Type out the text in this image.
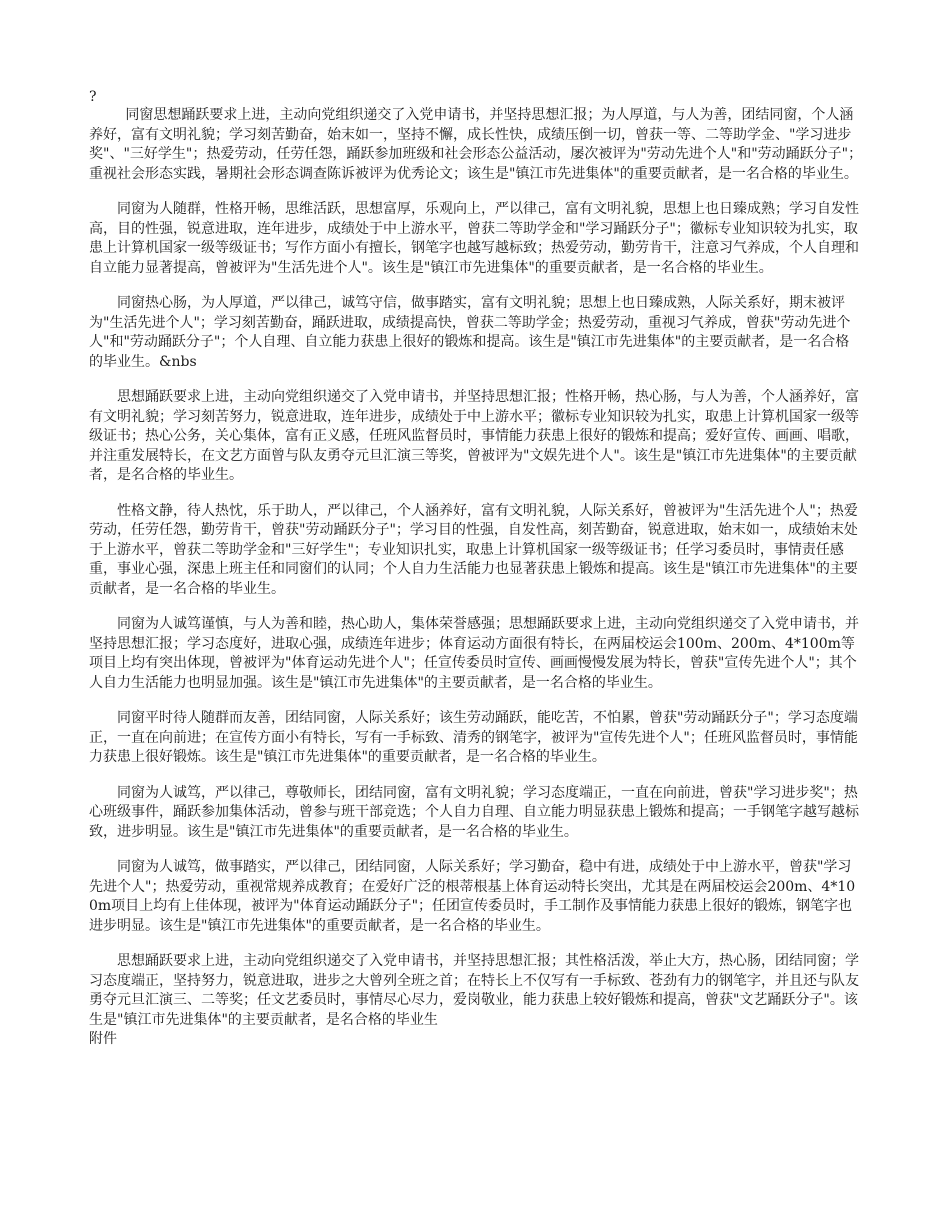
?

同窗思想踊跃要求上进，主动向党组织递交了入党申请书，并坚持思想汇报；为人厚道，与人为善，团结同窗，个人涵养好，富有文明礼貌；学习刻苦勤奋，始末如一，坚持不懈，成长性快，成绩压倒一切，曾获一等、二等助学金、"学习进步奖"、"三好学生"；热爱劳动，任劳任怨，踊跃参加班级和社会形态公益活动，屡次被评为"劳动先进个人"和"劳动踊跃分子"；重视社会形态实践，暑期社会形态调查陈诉被评为优秀论文；该生是"镇江市先进集体"的重要贡献者，是一名合格的毕业生。

同窗为人随群，性格开畅，思维活跃，思想富厚，乐观向上，严以律己，富有文明礼貌，思想上也日臻成熟；学习自发性高，目的性强，锐意进取，连年进步，成绩处于中上游水平，曾获二等助学金和"学习踊跃分子"；徽标专业知识较为扎实，取患上计算机国家一级等级证书；写作方面小有擅长，钢笔字也越写越标致；热爱劳动，勤劳肯干，注意习气养成，个人自理和自立能力显著提高，曾被评为"生活先进个人"。该生是"镇江市先进集体"的重要贡献者，是一名合格的毕业生。

同窗热心肠，为人厚道，严以律己，诚笃守信，做事踏实，富有文明礼貌；思想上也日臻成熟，人际关系好，期末被评为"生活先进个人"；学习刻苦勤奋，踊跃进取，成绩提高快，曾获二等助学金；热爱劳动，重视习气养成，曾获"劳动先进个人"和"劳动踊跃分子"；个人自理、自立能力获患上很好的锻炼和提高。该生是"镇江市先进集体"的主要贡献者，是一名合格的毕业生。&nbs

思想踊跃要求上进，主动向党组织递交了入党申请书，并坚持思想汇报；性格开畅，热心肠，与人为善，个人涵养好，富有文明礼貌；学习刻苦努力，锐意进取，连年进步，成绩处于中上游水平；徽标专业知识较为扎实，取患上计算机国家一级等级证书；热心公务，关心集体，富有正义感，任班风监督员时，事情能力获患上很好的锻炼和提高；爱好宣传、画画、唱歌，并注重发展特长，在文艺方面曾与队友勇夺元旦汇演三等奖，曾被评为"文娱先进个人"。该生是"镇江市先进集体"的主要贡献者，是名合格的毕业生。

性格文静，待人热忱，乐于助人，严以律己，个人涵养好，富有文明礼貌，人际关系好，曾被评为"生活先进个人"；热爱劳动，任劳任怨，勤劳肯干，曾获"劳动踊跃分子"；学习目的性强，自发性高，刻苦勤奋，锐意进取，始末如一，成绩始末处于上游水平，曾获二等助学金和"三好学生"；专业知识扎实，取患上计算机国家一级等级证书；任学习委员时，事情责任感重，事业心强，深患上班主任和同窗们的认同；个人自力生活能力也显著获患上锻炼和提高。该生是"镇江市先进集体"的主要贡献者，是一名合格的毕业生。

同窗为人诚笃谨慎，与人为善和睦，热心助人，集体荣誉感强；思想踊跃要求上进，主动向党组织递交了入党申请书，并坚持思想汇报；学习态度好，进取心强，成绩连年进步；体育运动方面很有特长，在两届校运会100m、200m、4*100m等项目上均有突出体现，曾被评为"体育运动先进个人"；任宣传委员时宣传、画画慢慢发展为特长，曾获"宣传先进个人"；其个人自力生活能力也明显加强。该生是"镇江市先进集体"的主要贡献者，是一名合格的毕业生。

同窗平时待人随群而友善，团结同窗，人际关系好；该生劳动踊跃，能吃苦，不怕累，曾获"劳动踊跃分子"；学习态度端正，一直在向前进；在宣传方面小有特长，写有一手标致、清秀的钢笔字，被评为"宣传先进个人"；任班风监督员时，事情能力获患上很好锻炼。该生是"镇江市先进集体"的重要贡献者，是一名合格的毕业生。

同窗为人诚笃，严以律己，尊敬师长，团结同窗，富有文明礼貌；学习态度端正，一直在向前进，曾获"学习进步奖"；热心班级事件，踊跃参加集体活动，曾参与班干部竞选；个人自力自理、自立能力明显获患上锻炼和提高；一手钢笔字越写越标致，进步明显。该生是"镇江市先进集体"的重要贡献者，是一名合格的毕业生。

同窗为人诚笃，做事踏实，严以律己，团结同窗，人际关系好；学习勤奋，稳中有进，成绩处于中上游水平，曾获"学习先进个人"；热爱劳动，重视常规养成教育；在爱好广泛的根蒂根基上体育运动特长突出，尤其是在两届校运会200m、4*100m项目上均有上佳体现，被评为"体育运动踊跃分子"；任团宣传委员时，手工制作及事情能力获患上很好的锻炼，钢笔字也进步明显。该生是"镇江市先进集体"的重要贡献者，是一名合格的毕业生。

思想踊跃要求上进，主动向党组织递交了入党申请书，并坚持思想汇报；其性格活泼，举止大方，热心肠，团结同窗；学习态度端正，坚持努力，锐意进取，进步之大曾列全班之首；在特长上不仅写有一手标致、苍劲有力的钢笔字，并且还与队友勇夺元旦汇演三、二等奖；任文艺委员时，事情尽心尽力，爱岗敬业，能力获患上较好锻炼和提高，曾获"文艺踊跃分子"。该生是"镇江市先进集体"的主要贡献者，是名合格的毕业生

附件
